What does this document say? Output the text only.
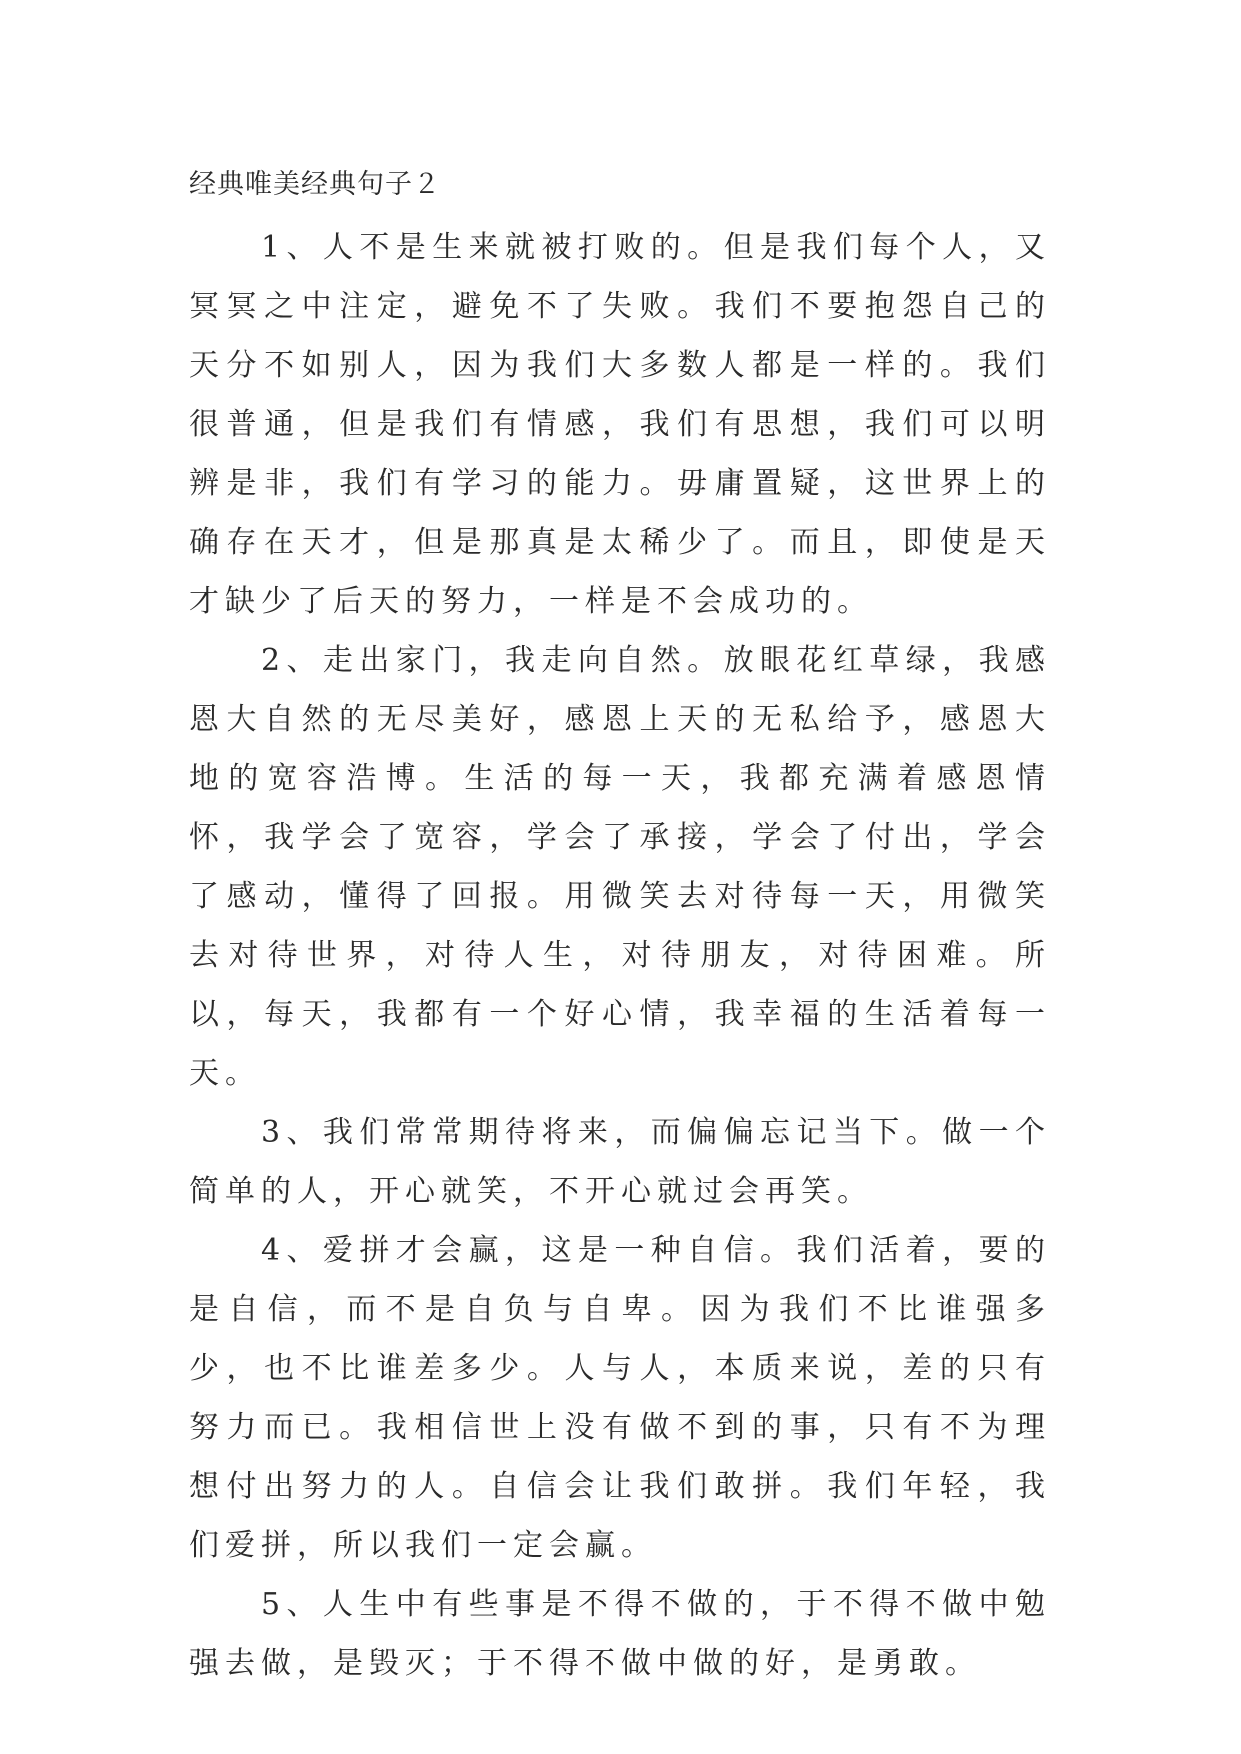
经典唯美经典句子２

1、人不是生来就被打败的。但是我们每个人，又冥冥之中注定，避免不了失败。我们不要抱怨自己的天分不如别人，因为我们大多数人都是一样的。我们很普通，但是我们有情感，我们有思想，我们可以明辨是非，我们有学习的能力。毋庸置疑，这世界上的确存在天才，但是那真是太稀少了。而且，即使是天才缺少了后天的努力，一样是不会成功的。

2、走出家门，我走向自然。放眼花红草绿，我感恩大自然的无尽美好，感恩上天的无私给予，感恩大地的宽容浩博。生活的每一天，我都充满着感恩情怀，我学会了宽容，学会了承接，学会了付出，学会了感动，懂得了回报。用微笑去对待每一天，用微笑去对待世界，对待人生，对待朋友，对待困难。所以，每天，我都有一个好心情，我幸福的生活着每一天。

3、我们常常期待将来，而偏偏忘记当下。做一个简单的人，开心就笑，不开心就过会再笑。

4、爱拼才会赢，这是一种自信。我们活着，要的是自信，而不是自负与自卑。因为我们不比谁强多少，也不比谁差多少。人与人，本质来说，差的只有努力而已。我相信世上没有做不到的事，只有不为理想付出努力的人。自信会让我们敢拼。我们年轻，我们爱拼，所以我们一定会赢。

5、人生中有些事是不得不做的，于不得不做中勉强去做，是毁灭；于不得不做中做的好，是勇敢。
